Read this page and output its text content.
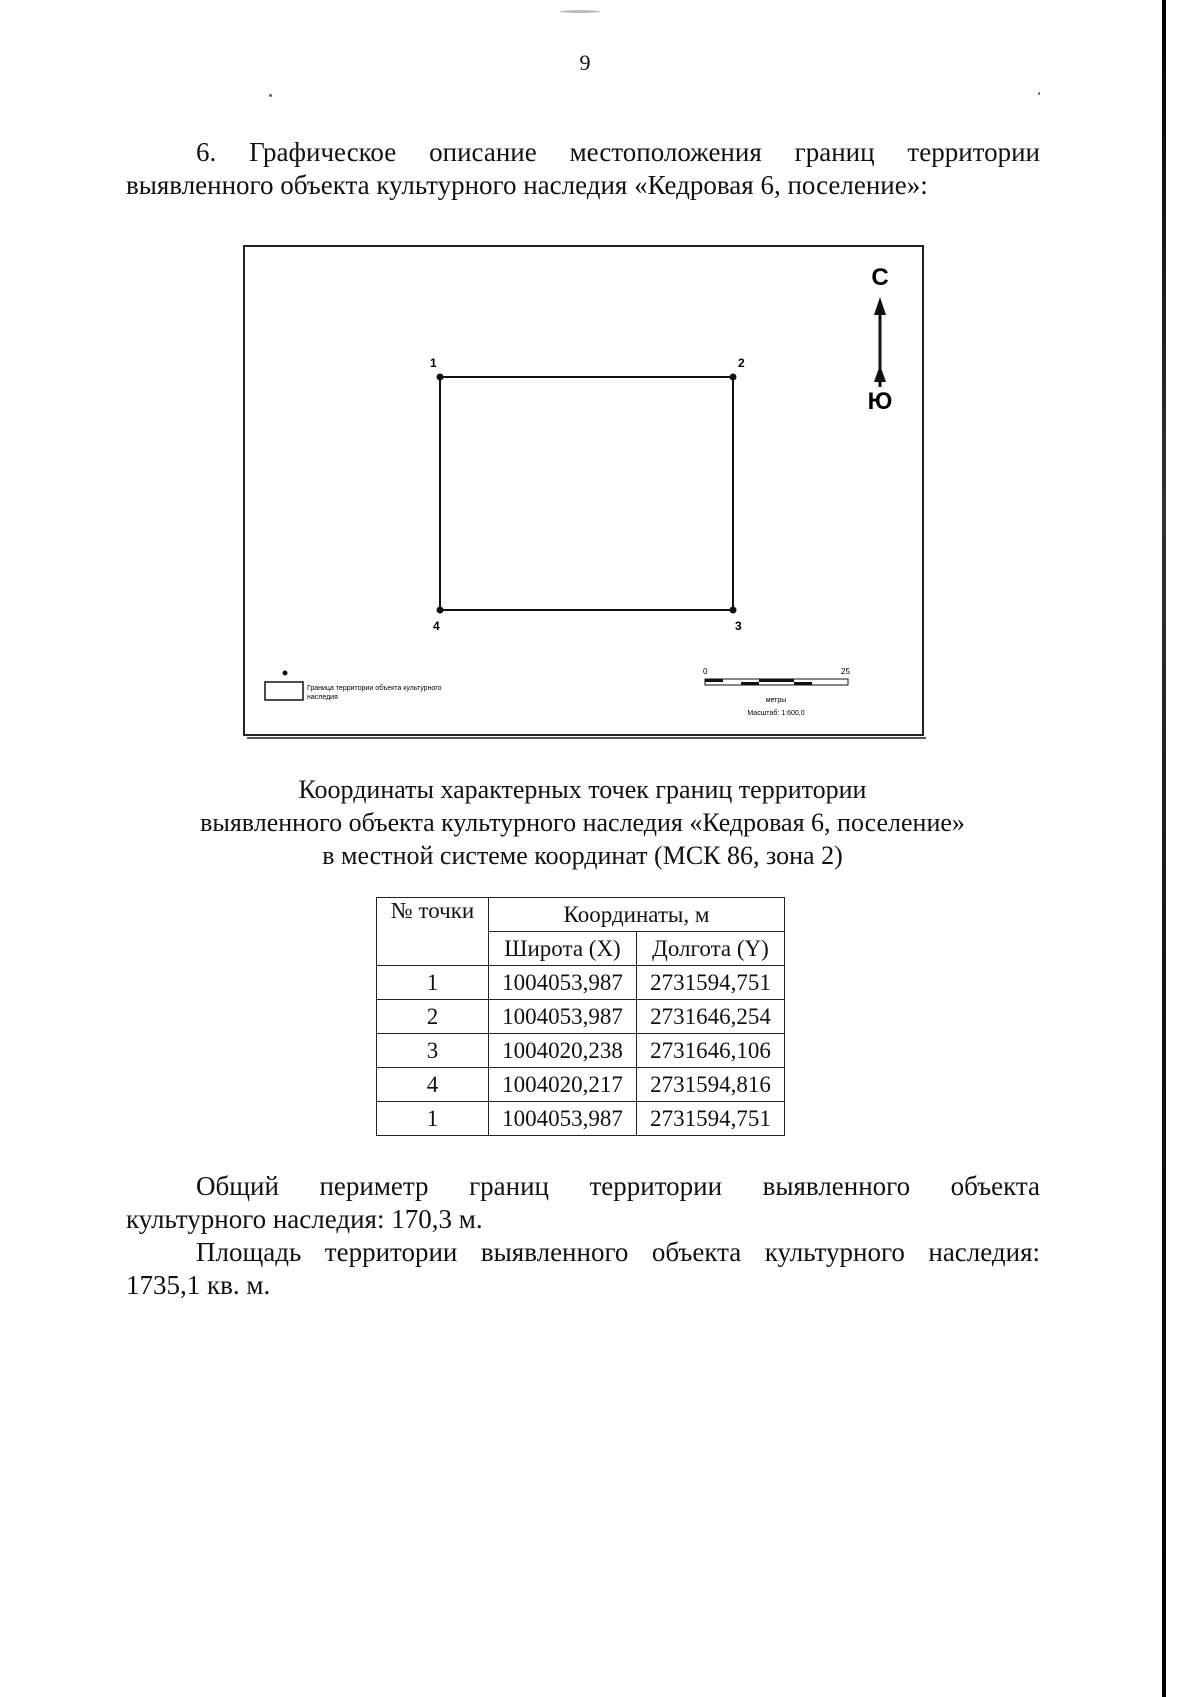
9
6. Графическое описание местоположения границ территории
выявленного объекта культурного наследия «Кедровая 6, поселение»:
1	2
3
4
С
Ю
Граница территории объекта культурного
наследия
0	25
метры
Масштаб: 1:600,0
Координаты характерных точек границ территории
выявленного объекта культурного наследия «Кедровая 6, поселение»
в местной системе координат (МСК 86, зона 2)
№ точки	Координаты, м	
	Широта (X)	Долгота (Y)
1	1004053,987	2731594,751
2	1004053,987	2731646,254
3	1004020,238	2731646,106
4	1004020,217	2731594,816
1	1004053,987	2731594,751
Общий периметр границ территории выявленного объекта
культурного наследия: 170,3 м.
Площадь территории выявленного объекта культурного наследия:
1735,1 кв. м.
